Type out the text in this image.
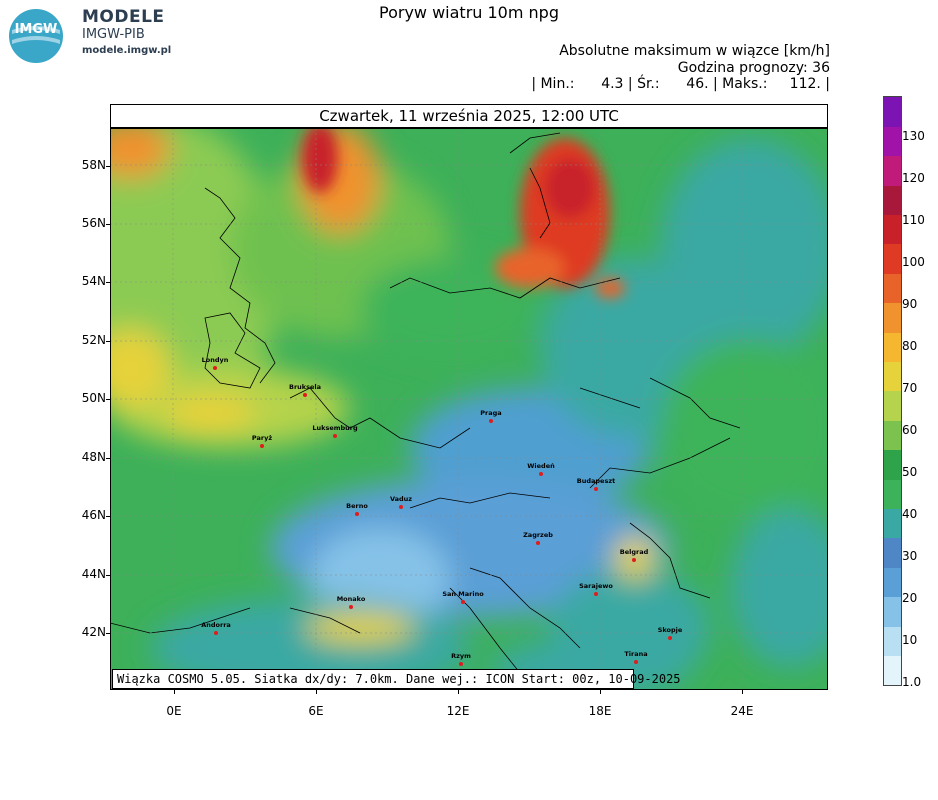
IMGW
MODELE
IMGW-PIB
modele.imgw.pl
Poryw wiatru 10m npg
Absolutne maksimum w wiązce [km/h]
Godzina prognozy: 36
| Min.:      4.3 | Śr.:      46. | Maks.:     112. |
Czwartek, 11 września 2025, 12:00 UTC
Londyn
Bruksela
Paryż
Luksemburg
Praga
Wiedeń
Budapeszt
Berno
Vaduz
Zagrzeb
Belgrad
Sarajewo
Monako
San Marino
Andorra
Skopje
Rzym	Tirana
Wiązka COSMO 5.05. Siatka dx/dy: 7.0km. Dane wej.: ICON Start: 00z, 10-09-2025
58N
56N
54N
52N
50N
48N
46N
44N
42N
0E	6E	12E	18E	24E
1.0
10
20
30
40
50
60
70
80
90
100
110
120
130
